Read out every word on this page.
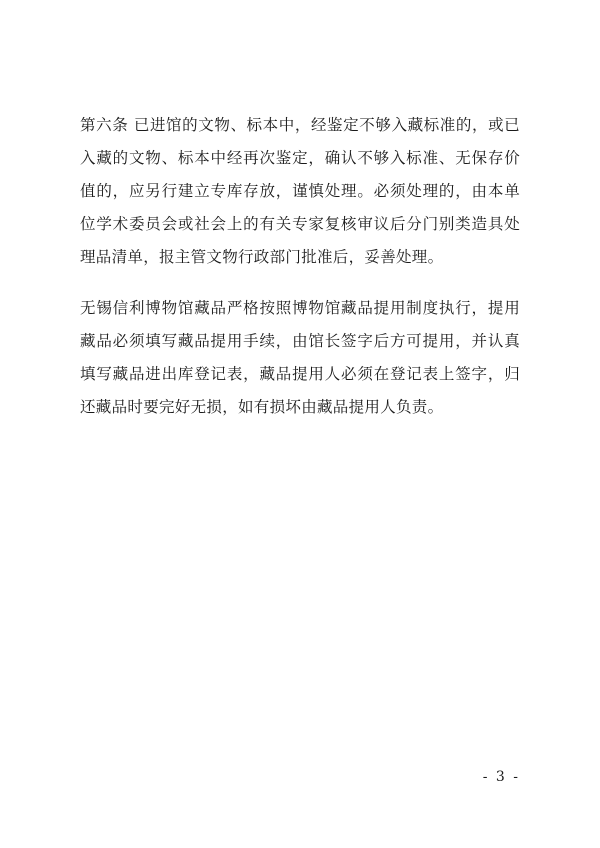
第六条 已进馆的文物、标本中，经鉴定不够入藏标准的，或已入藏的文物、标本中经再次鉴定，确认不够入标准、无保存价值的，应另行建立专库存放，谨慎处理。必须处理的，由本单位学术委员会或社会上的有关专家复核审议后分门别类造具处理品清单，报主管文物行政部门批准后，妥善处理。

无锡信利博物馆藏品严格按照博物馆藏品提用制度执行，提用藏品必须填写藏品提用手续，由馆长签字后方可提用，并认真填写藏品进出库登记表，藏品提用人必须在登记表上签字，归还藏品时要完好无损，如有损坏由藏品提用人负责。

- 3 -
